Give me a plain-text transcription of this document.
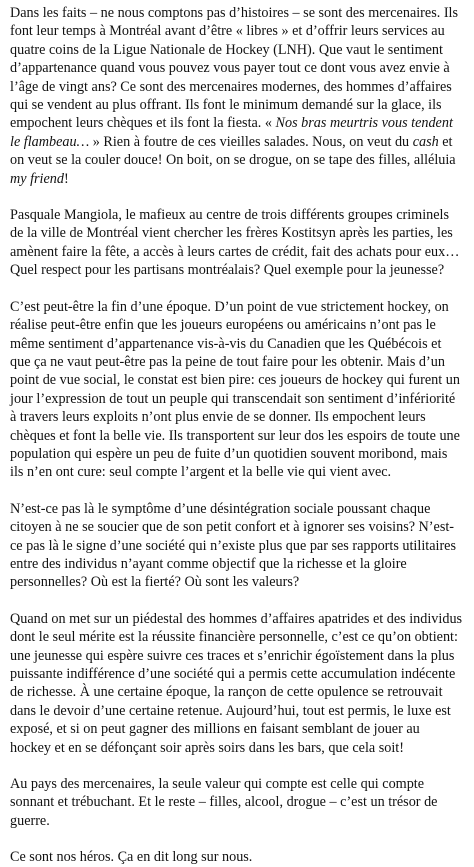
Dans les faits – ne nous comptons pas d’histoires – se sont des mercenaires. Ils font leur temps à Montréal avant d’être « libres » et d’offrir leurs services au quatre coins de la Ligue Nationale de Hockey (LNH). Que vaut le sentiment d’appartenance quand vous pouvez vous payer tout ce dont vous avez envie à l’âge de vingt ans? Ce sont des mercenaires modernes, des hommes d’affaires qui se vendent au plus offrant. Ils font le minimum demandé sur la glace, ils empochent leurs chèques et ils font la fiesta. « Nos bras meurtris vous tendent le flambeau… » Rien à foutre de ces vieilles salades. Nous, on veut du cash et on veut se la couler douce! On boit, on se drogue, on se tape des filles, alléluia my friend!

Pasquale Mangiola, le mafieux au centre de trois différents groupes criminels de la ville de Montréal vient chercher les frères Kostitsyn après les parties, les amènent faire la fête, a accès à leurs cartes de crédit, fait des achats pour eux… Quel respect pour les partisans montréalais? Quel exemple pour la jeunesse?

C’est peut-être la fin d’une époque. D’un point de vue strictement hockey, on réalise peut-être enfin que les joueurs européens ou américains n’ont pas le même sentiment d’appartenance vis-à-vis du Canadien que les Québécois et que ça ne vaut peut-être pas la peine de tout faire pour les obtenir. Mais d’un point de vue social, le constat est bien pire: ces joueurs de hockey qui furent un jour l’expression de tout un peuple qui transcendait son sentiment d’infériorité à travers leurs exploits n’ont plus envie de se donner. Ils empochent leurs chèques et font la belle vie. Ils transportent sur leur dos les espoirs de toute une population qui espère un peu de fuite d’un quotidien souvent moribond, mais ils n’en ont cure: seul compte l’argent et la belle vie qui vient avec.

N’est-ce pas là le symptôme d’une désintégration sociale poussant chaque citoyen à ne se soucier que de son petit confort et à ignorer ses voisins? N’est-ce pas là le signe d’une société qui n’existe plus que par ses rapports utilitaires entre des individus n’ayant comme objectif que la richesse et la gloire personnelles? Où est la fierté? Où sont les valeurs?

Quand on met sur un piédestal des hommes d’affaires apatrides et des individus dont le seul mérite est la réussite financière personnelle, c’est ce qu’on obtient: une jeunesse qui espère suivre ces traces et s’enrichir égoïstement dans la plus puissante indifférence d’une société qui a permis cette accumulation indécente de richesse. À une certaine époque, la rançon de cette opulence se retrouvait dans le devoir d’une certaine retenue. Aujourd’hui, tout est permis, le luxe est exposé, et si on peut gagner des millions en faisant semblant de jouer au hockey et en se défonçant soir après soirs dans les bars, que cela soit!

Au pays des mercenaires, la seule valeur qui compte est celle qui compte sonnant et trébuchant. Et le reste – filles, alcool, drogue – c’est un trésor de guerre.

Ce sont nos héros. Ça en dit long sur nous.
